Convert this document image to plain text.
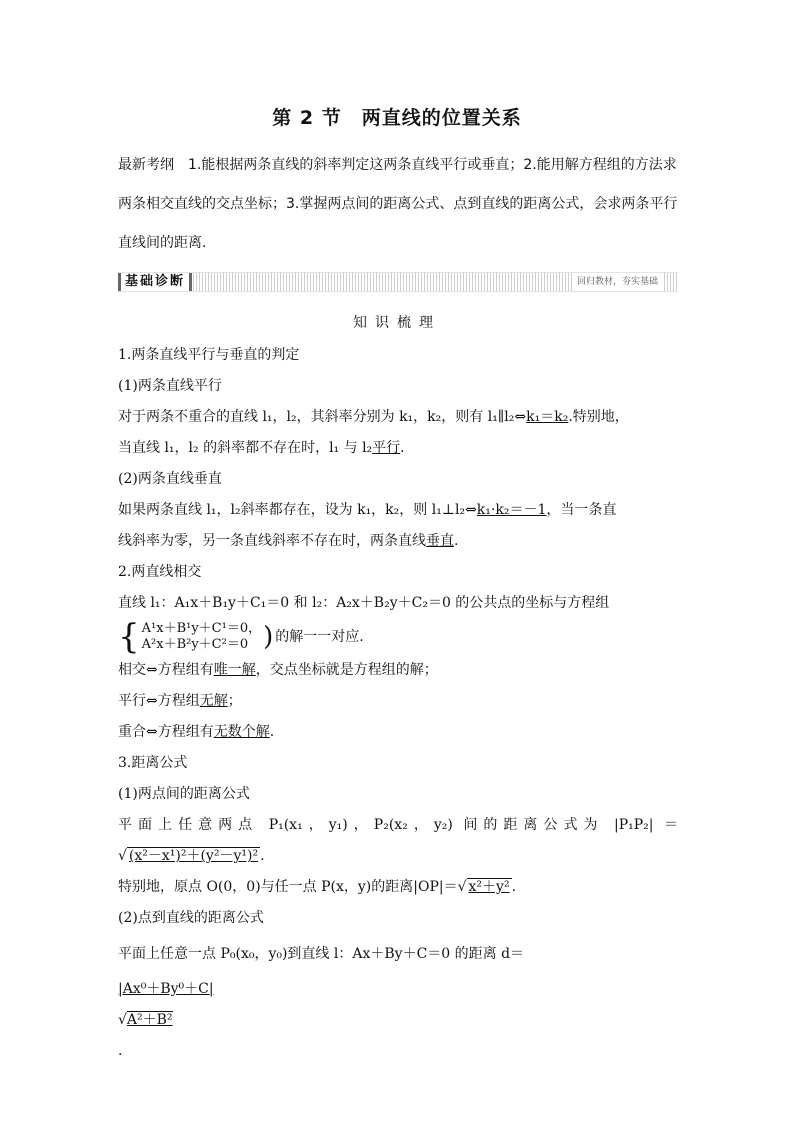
第 2 节　两直线的位置关系
最新考纲 1.能根据两条直线的斜率判定这两条直线平行或垂直；2.能用解方程组的方法求两条相交直线的交点坐标；3.掌握两点间的距离公式、点到直线的距离公式，会求两条平行直线间的距离.
基础诊断	回归教材，夯实基础
知识梳理

1.两条直线平行与垂直的判定

(1)两条直线平行

对于两条不重合的直线 l₁，l₂，其斜率分别为 k₁，k₂，则有 l₁∥l₂⇔k₁＝k₂.特别地，

当直线 l₁，l₂ 的斜率都不存在时，l₁ 与 l₂平行.

(2)两条直线垂直

如果两条直线 l₁，l₂斜率都存在，设为 k₁，k₂，则 l₁⊥l₂⇔k₁·k₂＝－1，当一条直

线斜率为零，另一条直线斜率不存在时，两条直线垂直.

2.两直线相交

直线 l₁：A₁x＋B₁y＋C₁＝0 和 l₂：A₂x＋B₂y＋C₂＝0 的公共点的坐标与方程组

{ A¹x＋B¹y＋C¹＝0，
A²x＋B²y＋C²＝0 ) 的解一一对应.

相交⇔方程组有唯一解，交点坐标就是方程组的解；

平行⇔方程组无解；

重合⇔方程组有无数个解.

3.距离公式

(1)两点间的距离公式

平面上任意两点 P₁(x₁，y₁)，P₂(x₂，y₂) 间的距离公式为 |P₁P₂| ＝

√ (x²－x¹)²＋(y²－y¹)² .

特别地，原点 O(0，0)与任一点 P(x，y)的距离|OP|＝√ x²＋y² .

(2)点到直线的距离公式

平面上任意一点 P₀(x₀，y₀)到直线 l：Ax＋By＋C＝0 的距离 d＝

|Ax⁰＋By⁰＋C|
√A²＋B²
.
